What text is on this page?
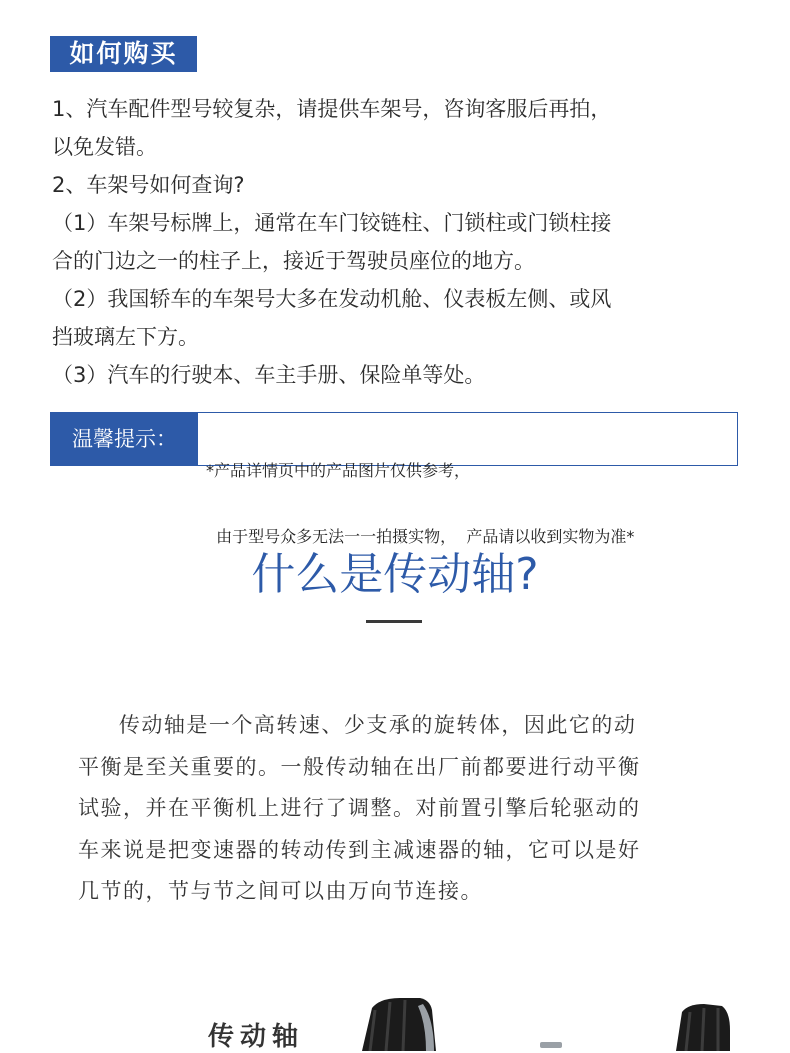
如何购买

1、汽车配件型号较复杂，请提供车架号，咨询客服后再拍，

以免发错。

2、车架号如何查询?

（1）车架号标牌上，通常在车门铰链柱、门锁柱或门锁柱接

合的门边之一的柱子上，接近于驾驶员座位的地方。

（2）我国轿车的车架号大多在发动机舱、仪表板左侧、或风

挡玻璃左下方。

（3）汽车的行驶本、车主手册、保险单等处。

温馨提示：

*产品详情页中的产品图片仅供参考，

由于型号众多无法一一拍摄实物，  产品请以收到实物为准*

什么是传动轴?

传动轴是一个高转速、少支承的旋转体，因此它的动

平衡是至关重要的。一般传动轴在出厂前都要进行动平衡

试验，并在平衡机上进行了调整。对前置引擎后轮驱动的

车来说是把变速器的转动传到主减速器的轴，它可以是好

几节的，节与节之间可以由万向节连接。

传动轴
